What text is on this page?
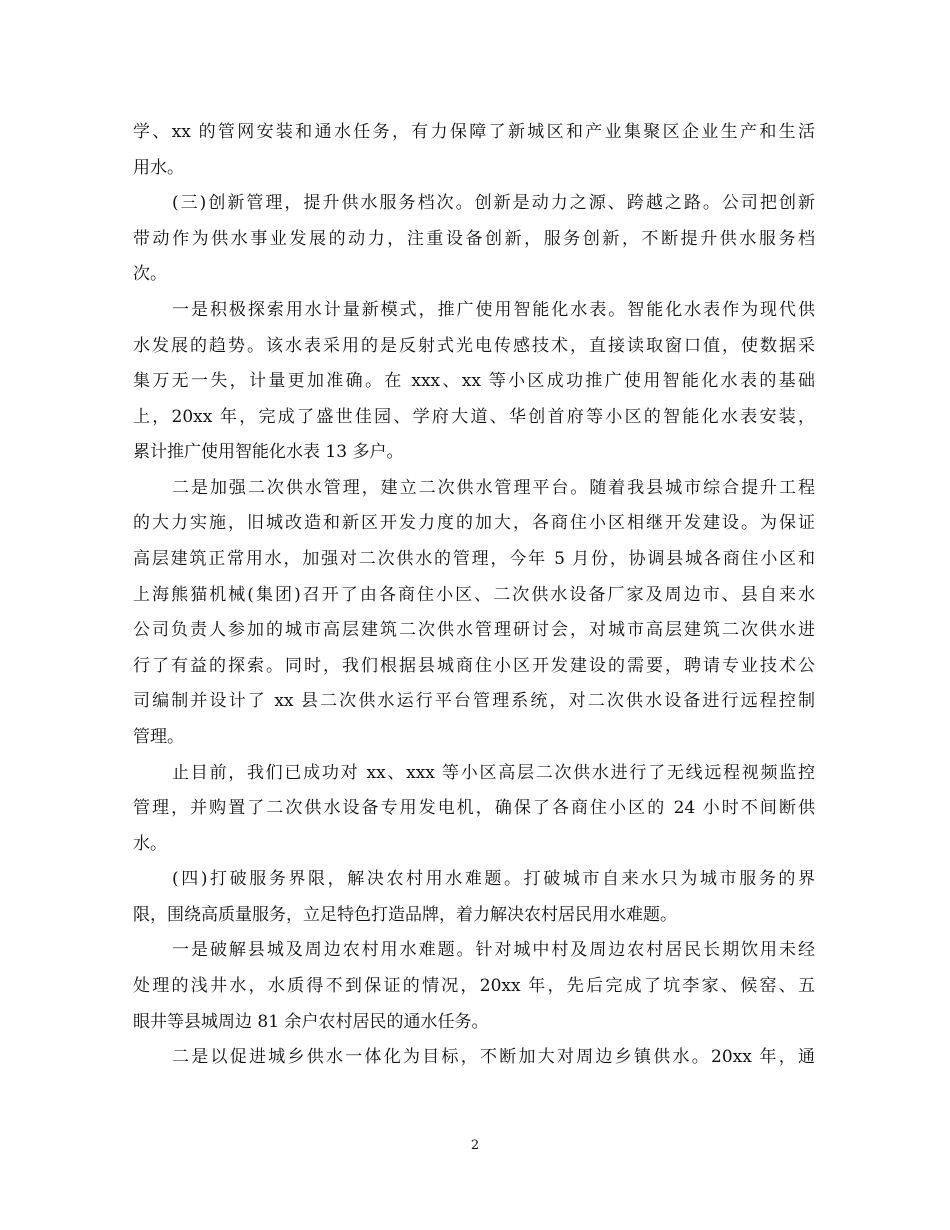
学、xx 的管网安装和通水任务，有力保障了新城区和产业集聚区企业生产和生活
用水。
(三)创新管理，提升供水服务档次。创新是动力之源、跨越之路。公司把创新
带动作为供水事业发展的动力，注重设备创新，服务创新，不断提升供水服务档
次。
一是积极探索用水计量新模式，推广使用智能化水表。智能化水表作为现代供
水发展的趋势。该水表采用的是反射式光电传感技术，直接读取窗口值，使数据采
集万无一失，计量更加准确。在 xxx、xx 等小区成功推广使用智能化水表的基础
上，20xx 年，完成了盛世佳园、学府大道、华创首府等小区的智能化水表安装，
累计推广使用智能化水表 13 多户。
二是加强二次供水管理，建立二次供水管理平台。随着我县城市综合提升工程
的大力实施，旧城改造和新区开发力度的加大，各商住小区相继开发建设。为保证
高层建筑正常用水，加强对二次供水的管理，今年 5 月份，协调县城各商住小区和
上海熊猫机械(集团)召开了由各商住小区、二次供水设备厂家及周边市、县自来水
公司负责人参加的城市高层建筑二次供水管理研讨会，对城市高层建筑二次供水进
行了有益的探索。同时，我们根据县城商住小区开发建设的需要，聘请专业技术公
司编制并设计了 xx 县二次供水运行平台管理系统，对二次供水设备进行远程控制
管理。
止目前，我们已成功对 xx、xxx 等小区高层二次供水进行了无线远程视频监控
管理，并购置了二次供水设备专用发电机，确保了各商住小区的 24 小时不间断供
水。
(四)打破服务界限，解决农村用水难题。打破城市自来水只为城市服务的界
限，围绕高质量服务，立足特色打造品牌，着力解决农村居民用水难题。
一是破解县城及周边农村用水难题。针对城中村及周边农村居民长期饮用未经
处理的浅井水，水质得不到保证的情况，20xx 年，先后完成了坑李家、候窑、五
眼井等县城周边 81 余户农村居民的通水任务。
二是以促进城乡供水一体化为目标，不断加大对周边乡镇供水。20xx 年，通
2
